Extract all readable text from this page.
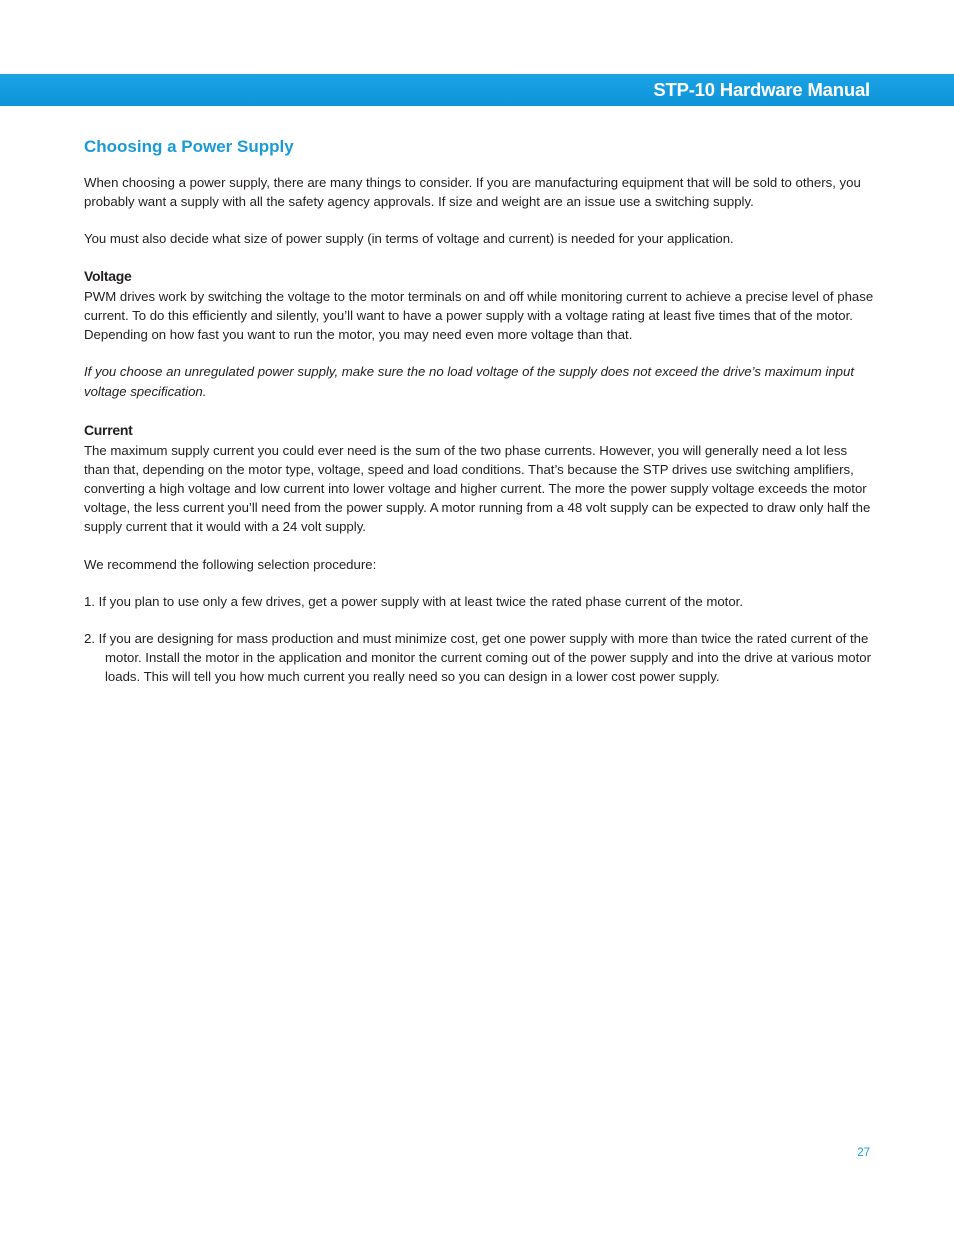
STP-10 Hardware Manual
Choosing a Power Supply

When choosing a power supply, there are many things to consider. If you are manufacturing equipment that will be sold to others, you probably want a supply with all the safety agency approvals. If size and weight are an issue use a switching supply.

You must also decide what size of power supply (in terms of voltage and current) is needed for your application.

Voltage

PWM drives work by switching the voltage to the motor terminals on and off while monitoring current to achieve a precise level of phase current. To do this efficiently and silently, you’ll want to have a power supply with a voltage rating at least five times that of the motor. Depending on how fast you want to run the motor, you may need even more voltage than that.

If you choose an unregulated power supply, make sure the no load voltage of the supply does not exceed the drive’s maximum input voltage specification.

Current

The maximum supply current you could ever need is the sum of the two phase currents. However, you will generally need a lot less than that, depending on the motor type, voltage, speed and load conditions. That’s because the STP drives use switching amplifiers, converting a high voltage and low current into lower voltage and higher current. The more the power supply voltage exceeds the motor voltage, the less current you’ll need from the power supply. A motor running from a 48 volt supply can be expected to draw only half the supply current that it would with a 24 volt supply.

We recommend the following selection procedure:

1. If you plan to use only a few drives, get a power supply with at least twice the rated phase current of the motor.

2. If you are designing for mass production and must minimize cost, get one power supply with more than twice the rated current of the motor. Install the motor in the application and monitor the current coming out of the power supply and into the drive at various motor loads. This will tell you how much current you really need so you can design in a lower cost power supply.

27
